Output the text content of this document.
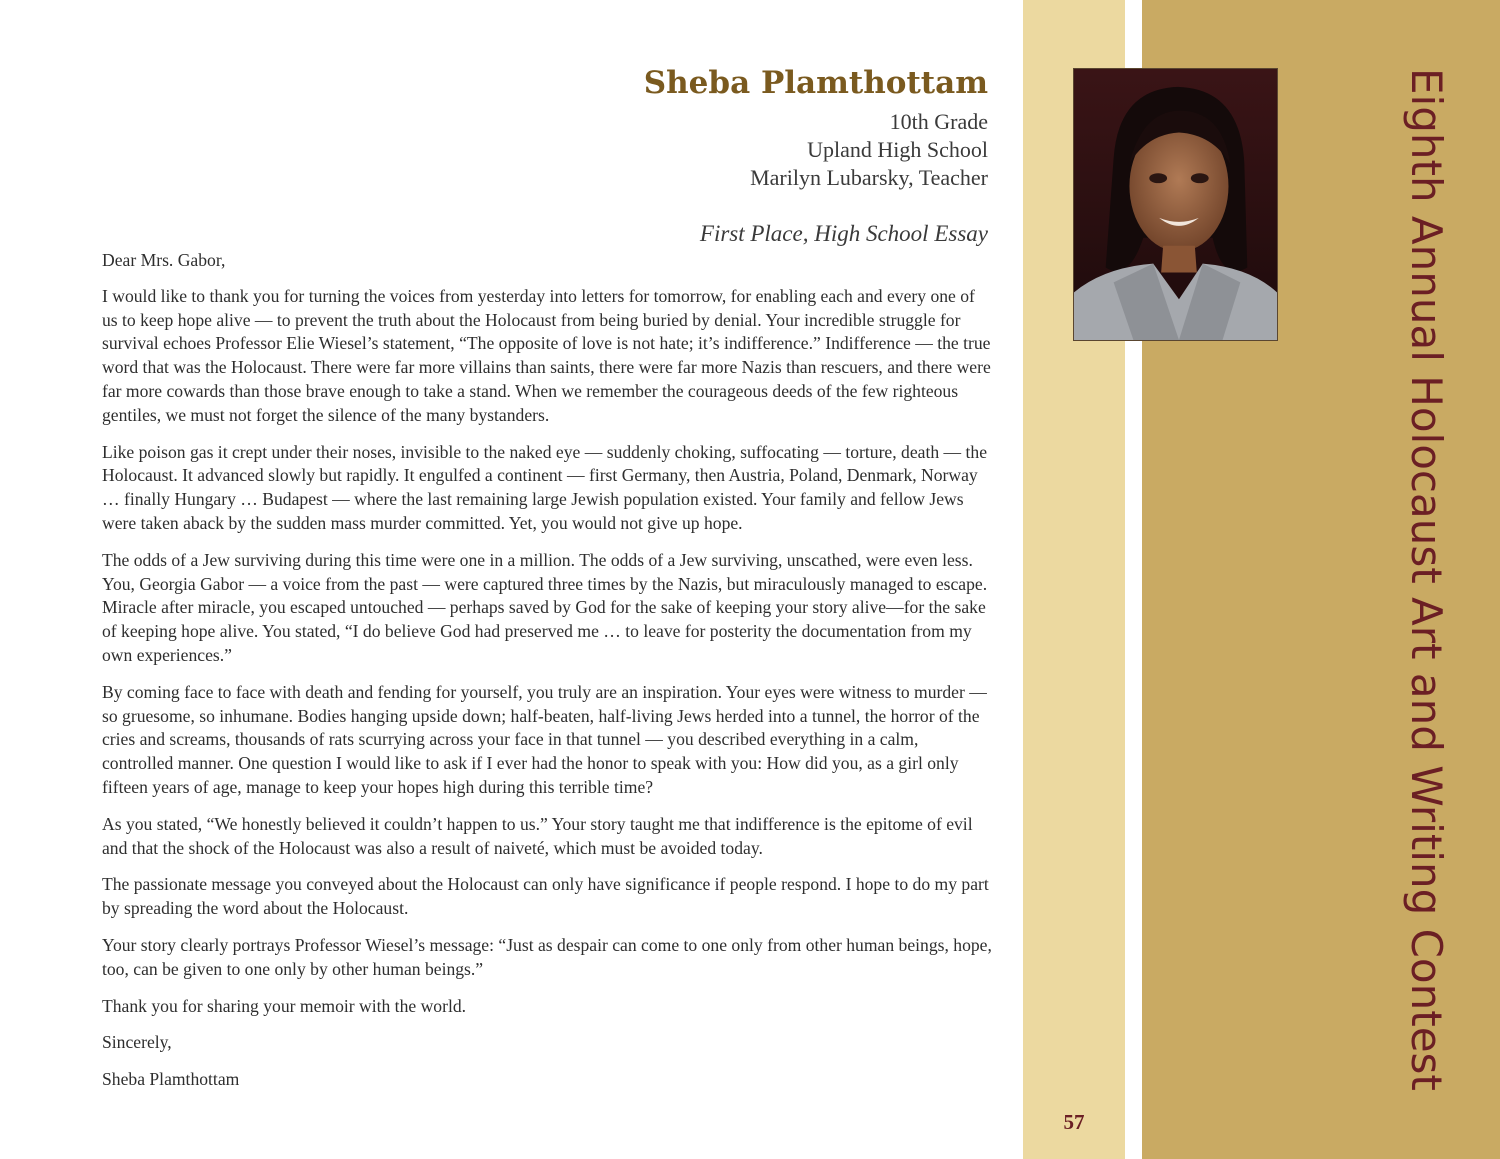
Sheba Plamthottam
10th Grade
Upland High School
Marilyn Lubarsky, Teacher
First Place, High School Essay	Eighth Annual Holocaust Art and Writing Contest
57

Dear Mrs. Gabor,

I would like to thank you for turning the voices from yesterday into letters for tomorrow, for enabling each and every one of us to keep hope alive — to prevent the truth about the Holocaust from being buried by denial. Your incredible struggle for survival echoes Professor Elie Wiesel’s statement, “The opposite of love is not hate; it’s indifference.” Indifference — the true word that was the Holocaust. There were far more villains than saints, there were far more Nazis than rescuers, and there were far more cowards than those brave enough to take a stand. When we remember the courageous deeds of the few righteous gentiles, we must not forget the silence of the many bystanders.

Like poison gas it crept under their noses, invisible to the naked eye — suddenly choking, suffocating — torture, death — the Holocaust. It advanced slowly but rapidly. It engulfed a continent — first Germany, then Austria, Poland, Denmark, Norway … finally Hungary … Budapest — where the last remaining large Jewish population existed. Your family and fellow Jews were taken aback by the sudden mass murder committed. Yet, you would not give up hope.

The odds of a Jew surviving during this time were one in a million. The odds of a Jew surviving, unscathed, were even less. You, Georgia Gabor — a voice from the past — were captured three times by the Nazis, but miraculously managed to escape. Miracle after miracle, you escaped untouched — perhaps saved by God for the sake of keeping your story alive—for the sake of keeping hope alive. You stated, “I do believe God had preserved me … to leave for posterity the documentation from my own experiences.”

By coming face to face with death and fending for yourself, you truly are an inspiration. Your eyes were witness to murder — so gruesome, so inhumane. Bodies hanging upside down; half-beaten, half-living Jews herded into a tunnel, the horror of the cries and screams, thousands of rats scurrying across your face in that tunnel — you described everything in a calm, controlled manner. One question I would like to ask if I ever had the honor to speak with you: How did you, as a girl only fifteen years of age, manage to keep your hopes high during this terrible time?

As you stated, “We honestly believed it couldn’t happen to us.” Your story taught me that indifference is the epitome of evil and that the shock of the Holocaust was also a result of naiveté, which must be avoided today.

The passionate message you conveyed about the Holocaust can only have significance if people respond. I hope to do my part by spreading the word about the Holocaust.

Your story clearly portrays Professor Wiesel’s message: “Just as despair can come to one only from other human beings, hope, too, can be given to one only by other human beings.”

Thank you for sharing your memoir with the world.

Sincerely,

Sheba Plamthottam
